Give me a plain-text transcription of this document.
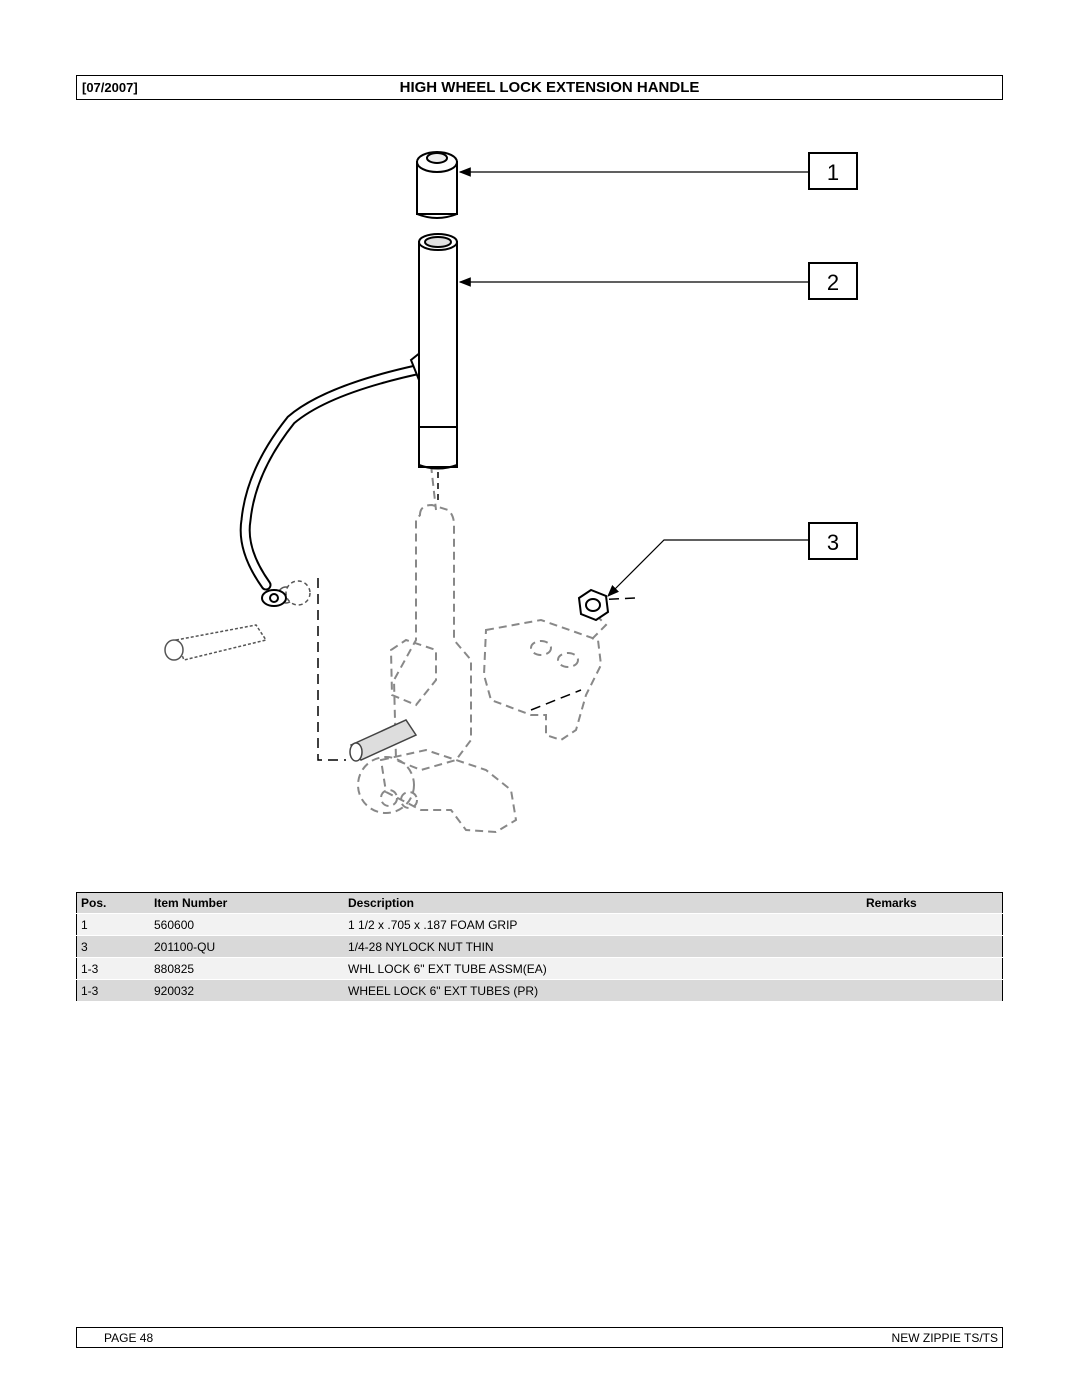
[07/2007]	HIGH WHEEL LOCK EXTENSION HANDLE
1
2
3
Pos.	Item Number	Description	Remarks
1	560600	1 1/2 x .705 x .187 FOAM GRIP	
3	201100-QU	1/4-28 NYLOCK NUT THIN	
1-3	880825	WHL LOCK 6" EXT TUBE ASSM(EA)	
1-3	920032	WHEEL LOCK 6" EXT TUBES (PR)	
PAGE 48	NEW ZIPPIE TS/TS
